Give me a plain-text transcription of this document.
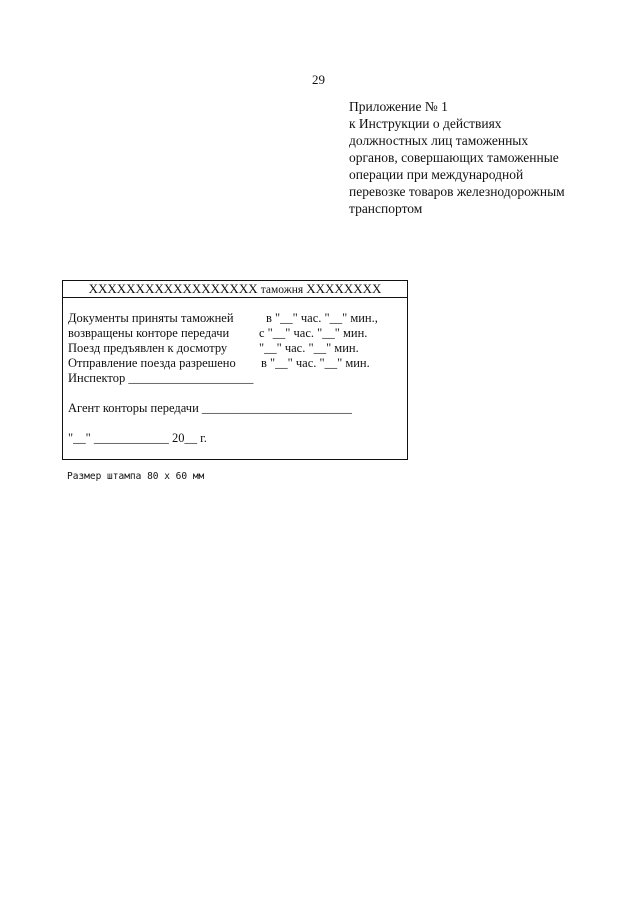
29
Приложение № 1
к Инструкции о действиях
должностных лиц таможенных
органов, совершающих таможенные
операции при международной
перевозке товаров железнодорожным
транспортом
XXXXXXXXXXXXXXXXXX таможня XXXXXXXX
Документы приняты таможней	в "__" час. "__" мин.,
возвращены конторе передачи с "__" час. "__" мин.
Поезд предъявлен к досмотру	"__" час. "__" мин.
Отправление поезда разрешено в "__" час. "__" мин.
Инспектор ____________________
Агент конторы передачи ________________________
"__" ____________ 20__ г.
Размер штампа 80 х 60 мм
